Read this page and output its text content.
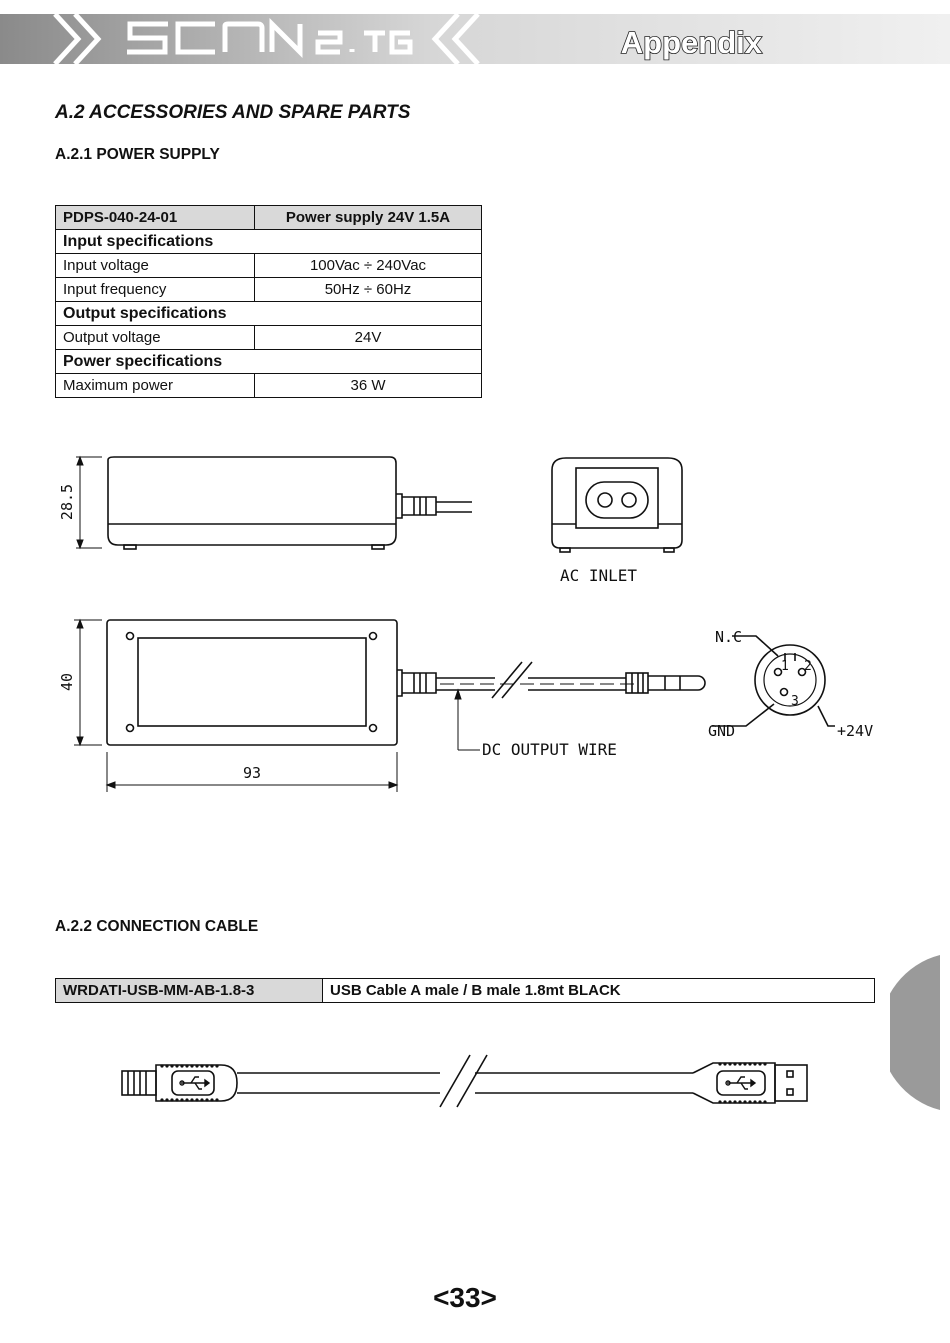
Appendix
A.2 ACCESSORIES AND SPARE PARTS
A.2.1 POWER SUPPLY
PDPS-040-24-01	Power supply 24V 1.5A
Input specifications	
Input voltage	100Vac ÷ 240Vac
Input frequency	50Hz ÷ 60Hz
Output specifications	
Output voltage	24V
Power specifications	
Maximum power	36 W
28.5
AC INLET
DC OUTPUT WIRE
40
93
N.C
GND	+24V
1 2
3
A.2.2 CONNECTION CABLE
WRDATI-USB-MM-AB-1.8-3	USB Cable A male / B male 1.8mt BLACK
<33>
